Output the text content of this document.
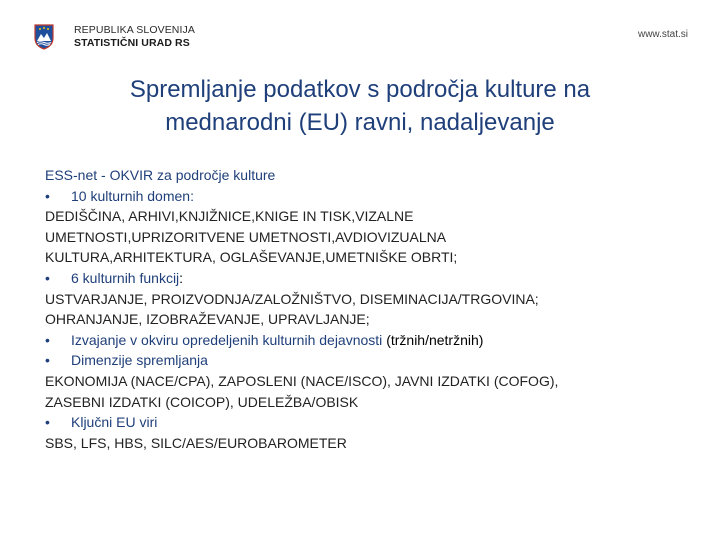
REPUBLIKA SLOVENIJA
STATISTIČNI URAD RS
www.stat.si
Spremljanje podatkov s področja kulture na
mednarodni (EU) ravni, nadaljevanje
ESS-net - OKVIR za področje kulture
• 10 kulturnih domen:
DEDIŠČINA, ARHIVI,KNJIŽNICE,KNIGE IN TISK,VIZALNE
UMETNOSTI,UPRIZORITVENE UMETNOSTI,AVDIOVIZUALNA
KULTURA,ARHITEKTURA, OGLAŠEVANJE,UMETNIŠKE OBRTI;
• 6 kulturnih funkcij:
USTVARJANJE, PROIZVODNJA/ZALOŽNIŠTVO, DISEMINACIJA/TRGOVINA;
OHRANJANJE, IZOBRAŽEVANJE, UPRAVLJANJE;
• Izvajanje v okviru opredeljenih kulturnih dejavnosti (tržnih/netržnih)
• Dimenzije spremljanja
EKONOMIJA (NACE/CPA), ZAPOSLENI (NACE/ISCO), JAVNI IZDATKI (COFOG),
ZASEBNI IZDATKI (COICOP), UDELEŽBA/OBISK
• Ključni EU viri
SBS, LFS, HBS, SILC/AES/EUROBAROMETER
